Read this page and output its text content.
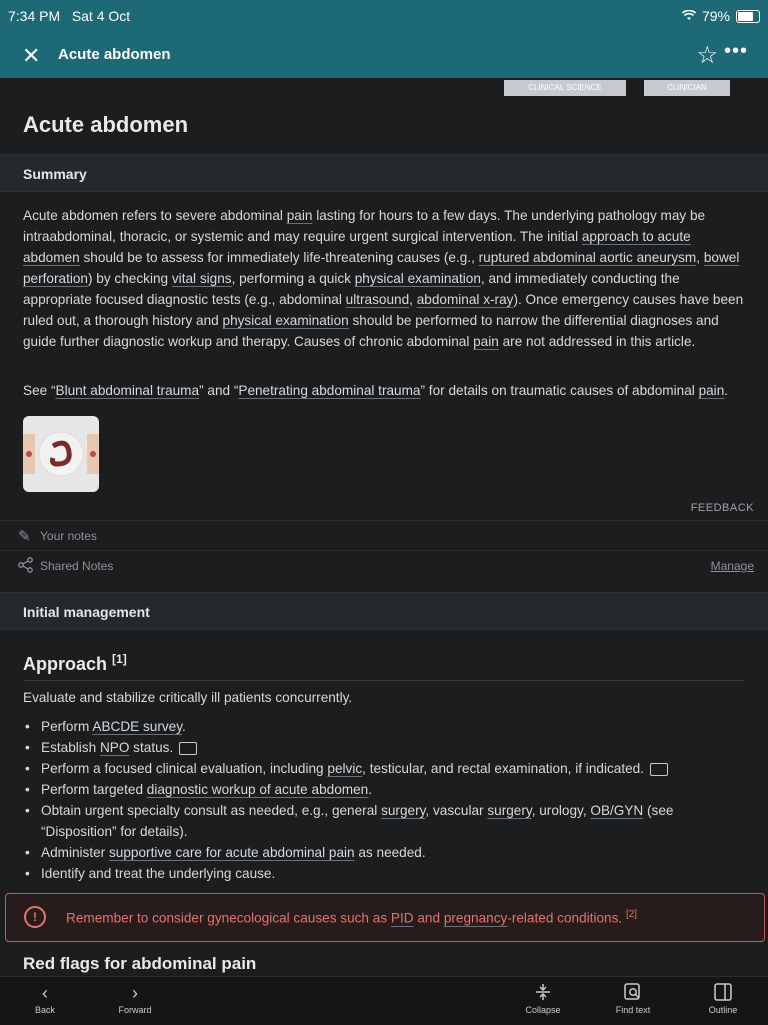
7:34 PM Sat 4 Oct	79%
✕ Acute abdomen	☆ •••
CLINICAL SCIENCE	CLINICIAN
Acute abdomen
Summary
Acute abdomen refers to severe abdominal pain lasting for hours to a few days. The underlying pathology may be intraabdominal, thoracic, or systemic and may require urgent surgical intervention. The initial approach to acute abdomen should be to assess for immediately life-threatening causes (e.g., ruptured abdominal aortic aneurysm, bowel perforation) by checking vital signs, performing a quick physical examination, and immediately conducting the appropriate focused diagnostic tests (e.g., abdominal ultrasound, abdominal x-ray). Once emergency causes have been ruled out, a thorough history and physical examination should be performed to narrow the differential diagnoses and guide further diagnostic workup and therapy. Causes of chronic abdominal pain are not addressed in this article.
See “Blunt abdominal trauma” and “Penetrating abdominal trauma” for details on traumatic causes of abdominal pain.
FEEDBACK
✎ Your notes
Shared Notes	Manage
Initial management
Approach [1]
Evaluate and stabilize critically ill patients concurrently.
• Perform ABCDE survey.
• Establish NPO status.
• Perform a focused clinical evaluation, including pelvic, testicular, and rectal examination, if indicated.
• Perform targeted diagnostic workup of acute abdomen.
• Obtain urgent specialty consult as needed, e.g., general surgery, vascular surgery, urology, OB/GYN (see “Disposition” for details).
• Administer supportive care for acute abdominal pain as needed.
• Identify and treat the underlying cause.
!	Remember to consider gynecological causes such as PID and pregnancy-related conditions. [2]
Red flags for abdominal pain
‹
Back
›
Forward	Collapse	Find text	Outline
